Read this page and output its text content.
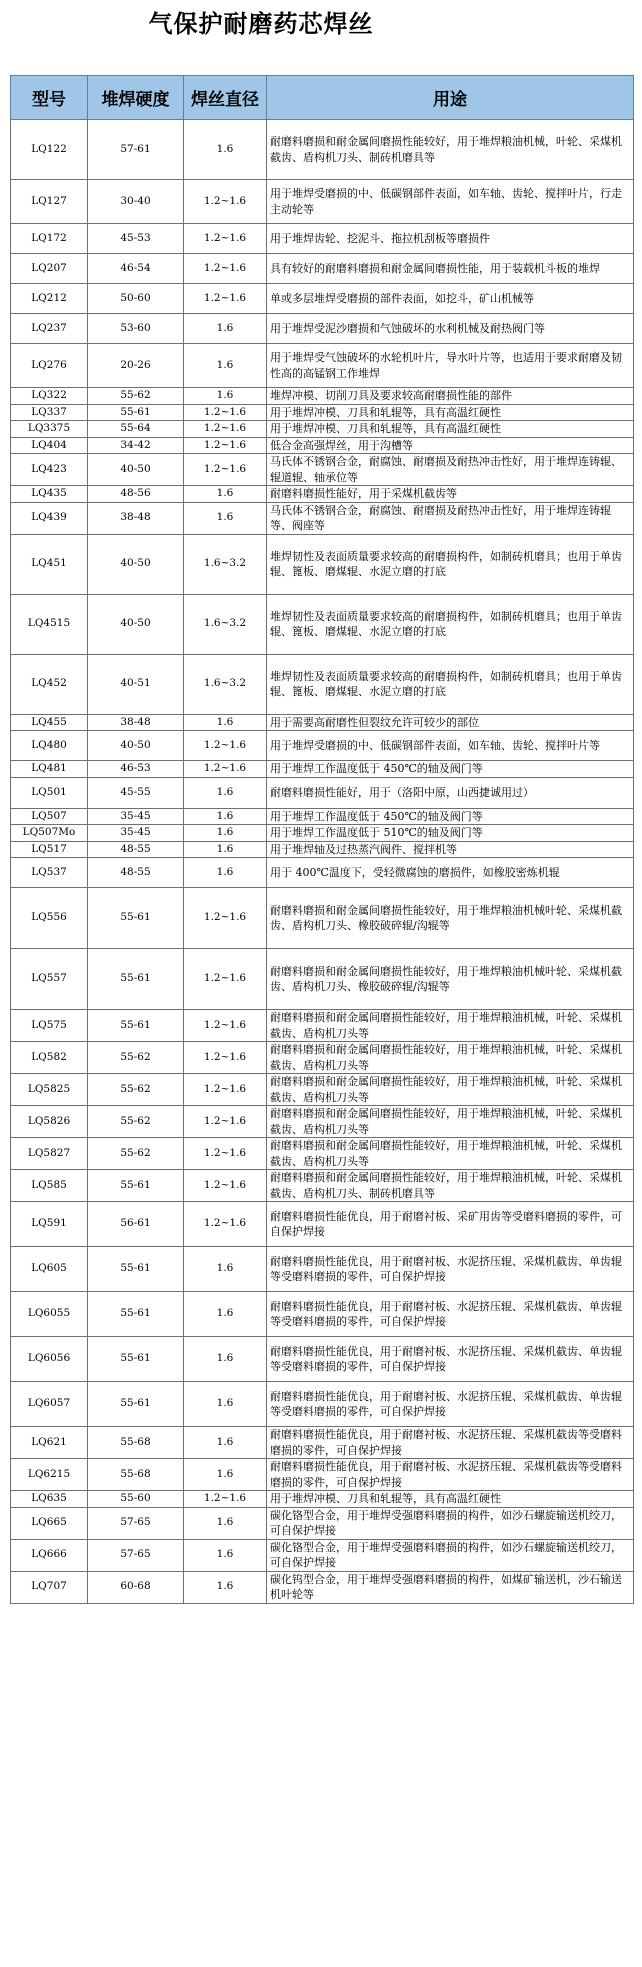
气保护耐磨药芯焊丝
型号	堆焊硬度	焊丝直径	用途
LQ122	57-61	1.6	耐磨料磨损和耐金属间磨损性能较好，用于堆焊粮油机械，叶轮、采煤机截齿、盾构机刀头、制砖机磨具等
LQ127	30-40	1.2~1.6	用于堆焊受磨损的中、低碳钢部件表面，如车轴、齿轮、搅拌叶片，行走主动轮等
LQ172	45-53	1.2~1.6	用于堆焊齿轮、挖泥斗、拖拉机刮板等磨损件
LQ207	46-54	1.2~1.6	具有较好的耐磨料磨损和耐金属间磨损性能，用于装载机斗板的堆焊
LQ212	50-60	1.2~1.6	单或多层堆焊受磨损的部件表面，如挖斗，矿山机械等
LQ237	53-60	1.6	用于堆焊受泥沙磨损和气蚀破坏的水利机械及耐热阀门等
LQ276	20-26	1.6	用于堆焊受气蚀破坏的水轮机叶片，导水叶片等，也适用于要求耐磨及韧性高的高锰钢工作堆焊
LQ322	55-62	1.6	堆焊冲模、切削刀具及要求较高耐磨损性能的部件
LQ337	55-61	1.2~1.6	用于堆焊冲模、刀具和轧辊等，具有高温红硬性
LQ3375	55-64	1.2~1.6	用于堆焊冲模、刀具和轧辊等，具有高温红硬性
LQ404	34-42	1.2~1.6	低合金高强焊丝，用于沟槽等
LQ423	40-50	1.2~1.6	马氏体不锈钢合金，耐腐蚀、耐磨损及耐热冲击性好，用于堆焊连铸辊、辊道辊、轴承位等
LQ435	48-56	1.6	耐磨料磨损性能好，用于采煤机截齿等
LQ439	38-48	1.6	马氏体不锈钢合金，耐腐蚀、耐磨损及耐热冲击性好，用于堆焊连铸辊等、阀座等
LQ451	40-50	1.6~3.2	堆焊韧性及表面质量要求较高的耐磨损构件，如制砖机磨具；也用于单齿辊、篦板、磨煤辊、水泥立磨的打底
LQ4515	40-50	1.6~3.2	堆焊韧性及表面质量要求较高的耐磨损构件，如制砖机磨具；也用于单齿辊、篦板、磨煤辊、水泥立磨的打底
LQ452	40-51	1.6~3.2	堆焊韧性及表面质量要求较高的耐磨损构件，如制砖机磨具；也用于单齿辊、篦板、磨煤辊、水泥立磨的打底
LQ455	38-48	1.6	用于需要高耐磨性但裂纹允许可较少的部位
LQ480	40-50	1.2~1.6	用于堆焊受磨损的中、低碳钢部件表面，如车轴、齿轮、搅拌叶片等
LQ481	46-53	1.2~1.6	用于堆焊工作温度低于 450℃的轴及阀门等
LQ501	45-55	1.6	耐磨料磨损性能好，用于（洛阳中原，山西捷诚用过）
LQ507	35-45	1.6	用于堆焊工作温度低于 450℃的轴及阀门等
LQ507Mo	35-45	1.6	用于堆焊工作温度低于 510℃的轴及阀门等
LQ517	48-55	1.6	用于堆焊轴及过热蒸汽阀件、搅拌机等
LQ537	48-55	1.6	用于 400℃温度下，受轻微腐蚀的磨损件，如橡胶密炼机辊
LQ556	55-61	1.2~1.6	耐磨料磨损和耐金属间磨损性能较好，用于堆焊粮油机械叶轮、采煤机截齿、盾构机刀头、橡胶破碎辊/沟辊等
LQ557	55-61	1.2~1.6	耐磨料磨损和耐金属间磨损性能较好，用于堆焊粮油机械叶轮、采煤机截齿、盾构机刀头、橡胶破碎辊/沟辊等
LQ575	55-61	1.2~1.6	耐磨料磨损和耐金属间磨损性能较好，用于堆焊粮油机械，叶轮、采煤机截齿、盾构机刀头等
LQ582	55-62	1.2~1.6	耐磨料磨损和耐金属间磨损性能较好，用于堆焊粮油机械，叶轮、采煤机截齿、盾构机刀头等
LQ5825	55-62	1.2~1.6	耐磨料磨损和耐金属间磨损性能较好，用于堆焊粮油机械，叶轮、采煤机截齿、盾构机刀头等
LQ5826	55-62	1.2~1.6	耐磨料磨损和耐金属间磨损性能较好，用于堆焊粮油机械，叶轮、采煤机截齿、盾构机刀头等
LQ5827	55-62	1.2~1.6	耐磨料磨损和耐金属间磨损性能较好，用于堆焊粮油机械，叶轮、采煤机截齿、盾构机刀头等
LQ585	55-61	1.2~1.6	耐磨料磨损和耐金属间磨损性能较好，用于堆焊粮油机械，叶轮、采煤机截齿、盾构机刀头、制砖机磨具等
LQ591	56-61	1.2~1.6	耐磨料磨损性能优良，用于耐磨衬板、采矿用齿等受磨料磨损的零件，可自保护焊接
LQ605	55-61	1.6	耐磨料磨损性能优良，用于耐磨衬板、水泥挤压辊、采煤机截齿、单齿辊等受磨料磨损的零件，可自保护焊接
LQ6055	55-61	1.6	耐磨料磨损性能优良，用于耐磨衬板、水泥挤压辊、采煤机截齿、单齿辊等受磨料磨损的零件，可自保护焊接
LQ6056	55-61	1.6	耐磨料磨损性能优良，用于耐磨衬板、水泥挤压辊、采煤机截齿、单齿辊等受磨料磨损的零件，可自保护焊接
LQ6057	55-61	1.6	耐磨料磨损性能优良，用于耐磨衬板、水泥挤压辊、采煤机截齿、单齿辊等受磨料磨损的零件，可自保护焊接
LQ621	55-68	1.6	耐磨料磨损性能优良，用于耐磨衬板、水泥挤压辊、采煤机截齿等受磨料磨损的零件，可自保护焊接
LQ6215	55-68	1.6	耐磨料磨损性能优良，用于耐磨衬板、水泥挤压辊、采煤机截齿等受磨料磨损的零件，可自保护焊接
LQ635	55-60	1.2~1.6	用于堆焊冲模、刀具和轧辊等，具有高温红硬性
LQ665	57-65	1.6	碳化铬型合金，用于堆焊受强磨料磨损的构件，如沙石螺旋输送机绞刀，可自保护焊接
LQ666	57-65	1.6	碳化铬型合金，用于堆焊受强磨料磨损的构件，如沙石螺旋输送机绞刀，可自保护焊接
LQ707	60-68	1.6	碳化钨型合金，用于堆焊受强磨料磨损的构件，如煤矿输送机，沙石输送机叶轮等
